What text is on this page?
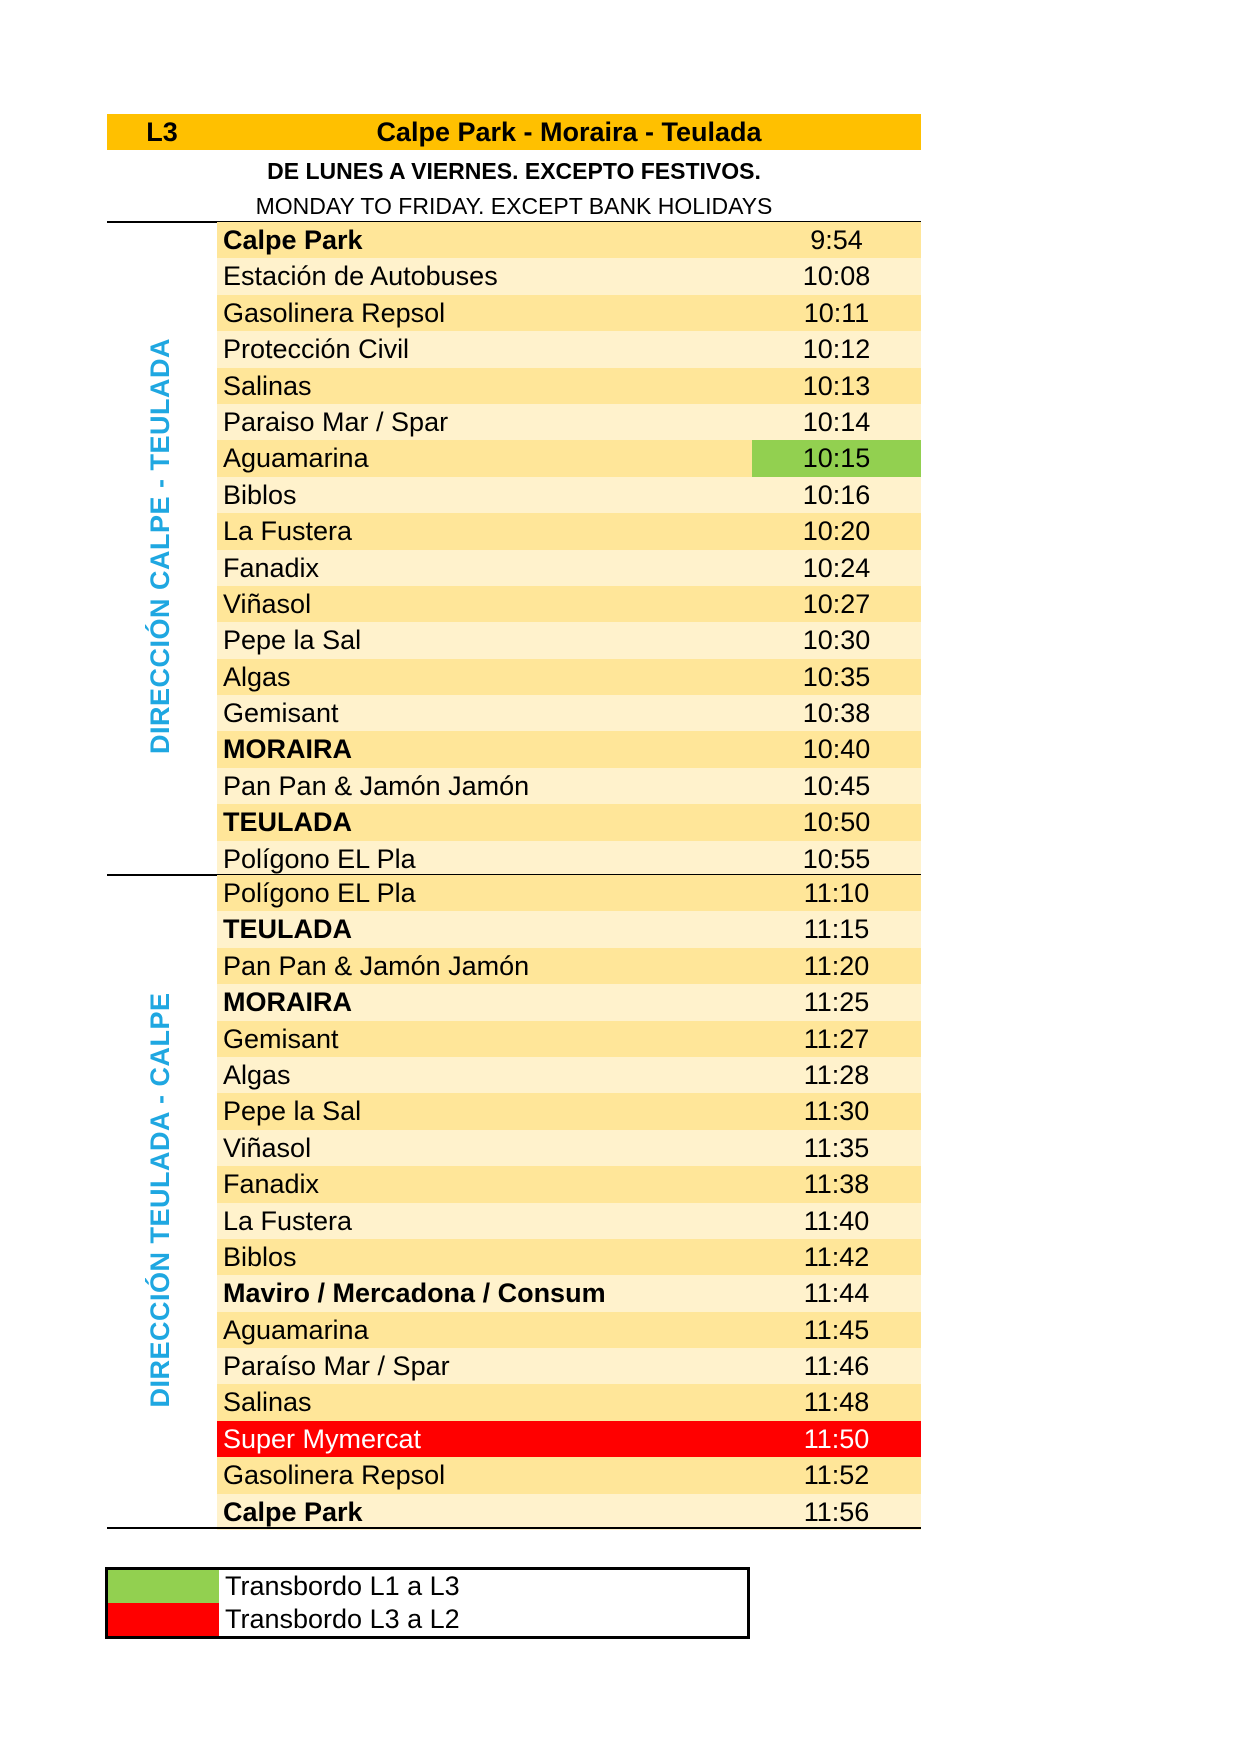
L3	Calpe Park - Moraira - Teulada
DE LUNES A VIERNES. EXCEPTO FESTIVOS.
MONDAY TO FRIDAY. EXCEPT BANK HOLIDAYS
DIRECCIÓN CALPE - TEULADA
Calpe Park	9:54
Estación de Autobuses	10:08
Gasolinera Repsol	10:11
Protección Civil	10:12
Salinas	10:13
Paraiso Mar / Spar	10:14
Aguamarina	10:15
Biblos	10:16
La Fustera	10:20
Fanadix	10:24
Viñasol	10:27
Pepe la Sal	10:30
Algas	10:35
Gemisant	10:38
MORAIRA	10:40
Pan Pan & Jamón Jamón	10:45
TEULADA	10:50
Polígono EL Pla	10:55
DIRECCIÓN TEULADA - CALPE
Polígono EL Pla	11:10
TEULADA	11:15
Pan Pan & Jamón Jamón	11:20
MORAIRA	11:25
Gemisant	11:27
Algas	11:28
Pepe la Sal	11:30
Viñasol	11:35
Fanadix	11:38
La Fustera	11:40
Biblos	11:42
Maviro / Mercadona / Consum	11:44
Aguamarina	11:45
Paraíso Mar / Spar	11:46
Salinas	11:48
Super Mymercat	11:50
Gasolinera Repsol	11:52
Calpe Park	11:56
Transbordo L1 a L3
Transbordo L3 a L2
